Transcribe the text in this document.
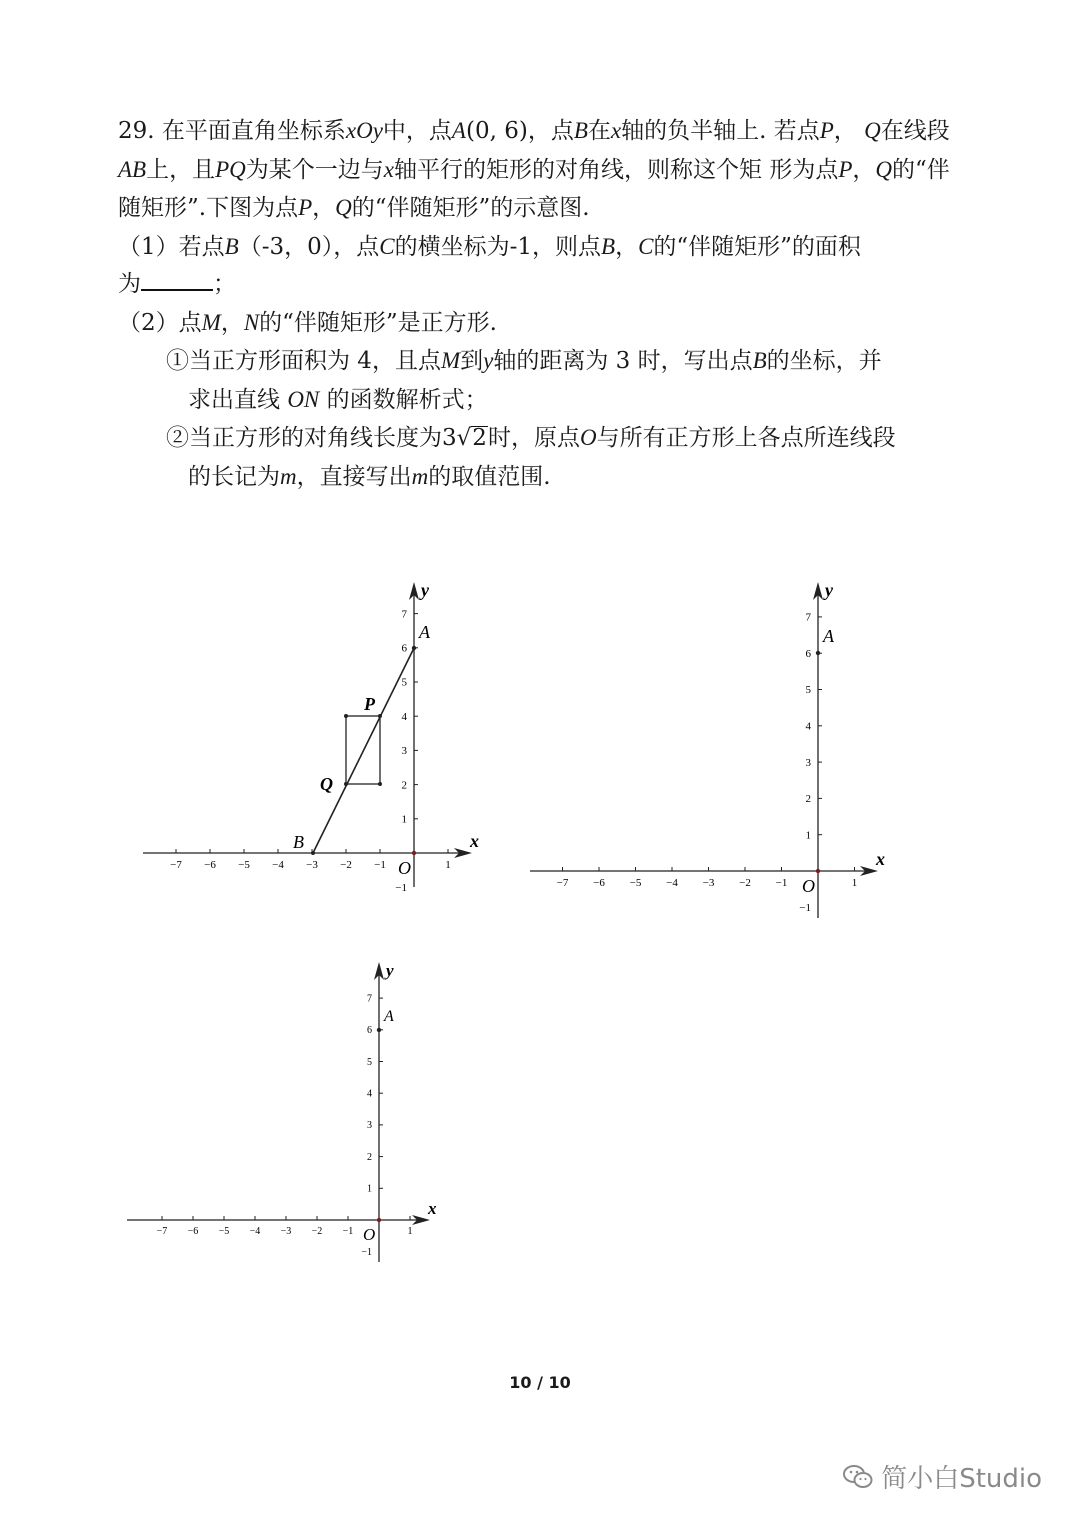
29. 在平面直角坐标系xOy中，点A(0, 6)，点B在x轴的负半轴上. 若点P， Q在线段AB上，且PQ为某个一边与x轴平行的矩形的对角线，则称这个矩 形为点P，Q的“伴随矩形”.下图为点P，Q的“伴随矩形”的示意图.

（1）若点B（-3，0），点C的横坐标为-1，则点B，C的“伴随矩形”的面积
为	；

（2）点M，N的“伴随矩形”是正方形.

①当正方形面积为 4，且点M到y轴的距离为 3 时，写出点B的坐标，并

求出直线 ON 的函数解析式；

②当正方形的对角线长度为3√2时，原点O与所有正方形上各点所连线段

的长记为m，直接写出m的取值范围.

−7 −6 −5 −4 −3 −2 −1	1
1
2
3
4
5
6
7
−1
O
x
y
A
B
P
Q
−7 −6 −5 −4 −3 −2 −1	1
1
2
3
4
5
6
7
−1
O
x
y
A
−7 −6 −5 −4 −3 −2 −1	1
1
2
3
4
5
6
7
−1
O
x
y
A
10 / 10
简小白Studio
